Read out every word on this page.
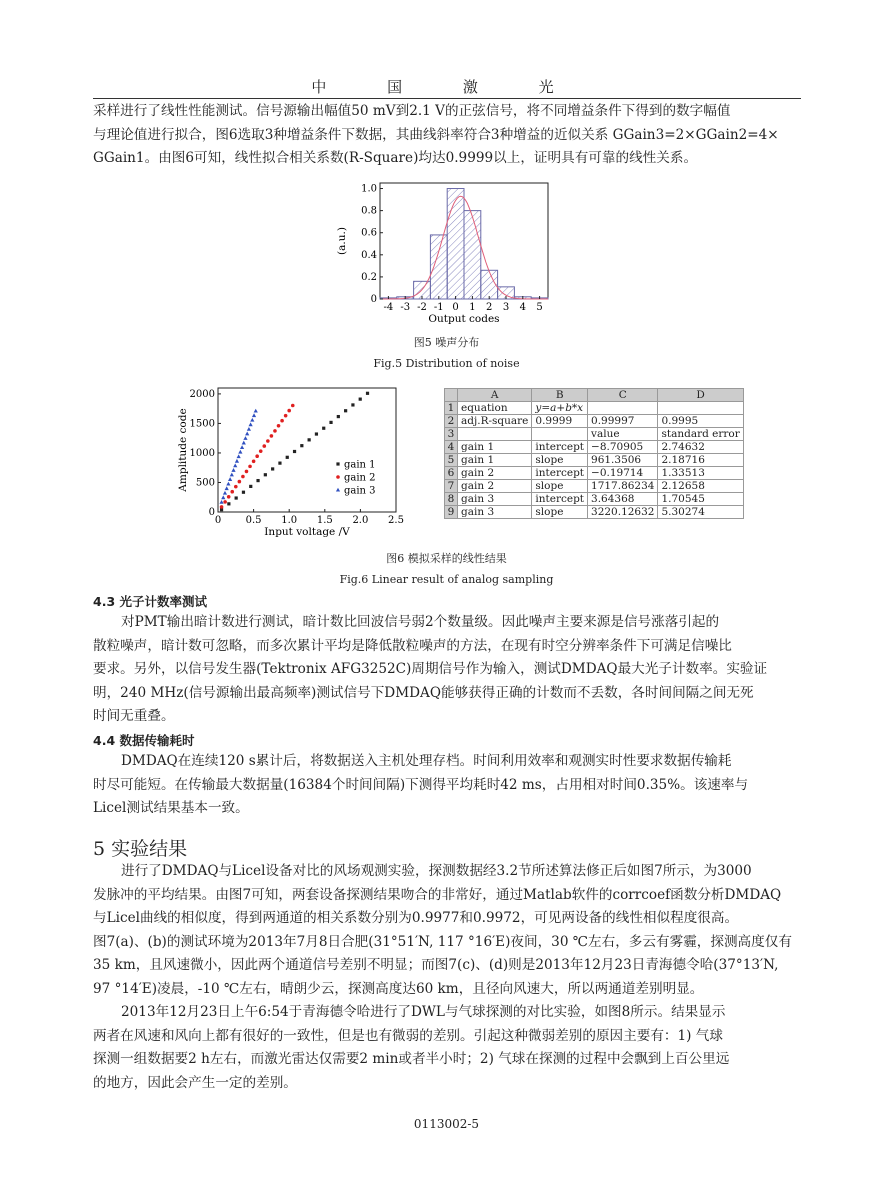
中 国 激 光
采样进行了线性性能测试。信号源输出幅值50 mV到2.1 V的正弦信号，将不同增益条件下得到的数字幅值
与理论值进行拟合，图6选取3种增益条件下数据，其曲线斜率符合3种增益的近似关系 GGain3=2×GGain2=4×
GGain1。由图6可知，线性拟合相关系数(R-Square)均达0.9999以上，证明具有可靠的线性关系。
-4 -3 -2 -1 0 1 2 3 4 5
0
0.2
0.4
0.6
0.8
1.0
Output codes
(a.u.)
图5 噪声分布
Fig.5 Distribution of noise
0 0.5 1.0 1.5 2.0 2.5
0
500
1000
1500
2000
Input voltage /V
Amplitude code	gain 1
gain 2
gain 3
	A	B	C	D
1	equation	y=a+b*x		
2	adj.R-square	0.9999	0.99997	0.9995
3			value	standard error
4	gain 1	intercept	−8.70905	2.74632
5	gain 1	slope	961.3506	2.18716
6	gain 2	intercept	−0.19714	1.33513
7	gain 2	slope	1717.86234	2.12658
8	gain 3	intercept	3.64368	1.70545
9	gain 3	slope	3220.12632	5.30274
图6 模拟采样的线性结果
Fig.6 Linear result of analog sampling
4.3 光子计数率测试
对PMT输出暗计数进行测试，暗计数比回波信号弱2个数量级。因此噪声主要来源是信号涨落引起的
散粒噪声，暗计数可忽略，而多次累计平均是降低散粒噪声的方法，在现有时空分辨率条件下可满足信噪比
要求。另外，以信号发生器(Tektronix AFG3252C)周期信号作为输入，测试DMDAQ最大光子计数率。实验证
明，240 MHz(信号源输出最高频率)测试信号下DMDAQ能够获得正确的计数而不丢数，各时间间隔之间无死
时间无重叠。
4.4 数据传输耗时
DMDAQ在连续120 s累计后，将数据送入主机处理存档。时间利用效率和观测实时性要求数据传输耗
时尽可能短。在传输最大数据量(16384个时间间隔)下测得平均耗时42 ms，占用相对时间0.35%。该速率与
Licel测试结果基本一致。
5 实验结果
进行了DMDAQ与Licel设备对比的风场观测实验，探测数据经3.2节所述算法修正后如图7所示，为3000
发脉冲的平均结果。由图7可知，两套设备探测结果吻合的非常好，通过Matlab软件的corrcoef函数分析DMDAQ
与Licel曲线的相似度，得到两通道的相关系数分别为0.9977和0.9972，可见两设备的线性相似程度很高。
图7(a)、(b)的测试环境为2013年7月8日合肥(31°51′N, 117 °16′E)夜间，30 ℃左右，多云有雾霾，探测高度仅有
35 km，且风速微小，因此两个通道信号差别不明显；而图7(c)、(d)则是2013年12月23日青海德令哈(37°13′N,
97 °14′E)凌晨，-10 ℃左右，晴朗少云，探测高度达60 km，且径向风速大，所以两通道差别明显。
2013年12月23日上午6:54于青海德令哈进行了DWL与气球探测的对比实验，如图8所示。结果显示
两者在风速和风向上都有很好的一致性，但是也有微弱的差别。引起这种微弱差别的原因主要有：1) 气球
探测一组数据要2 h左右，而激光雷达仅需要2 min或者半小时；2) 气球在探测的过程中会飘到上百公里远
的地方，因此会产生一定的差别。
0113002-5
